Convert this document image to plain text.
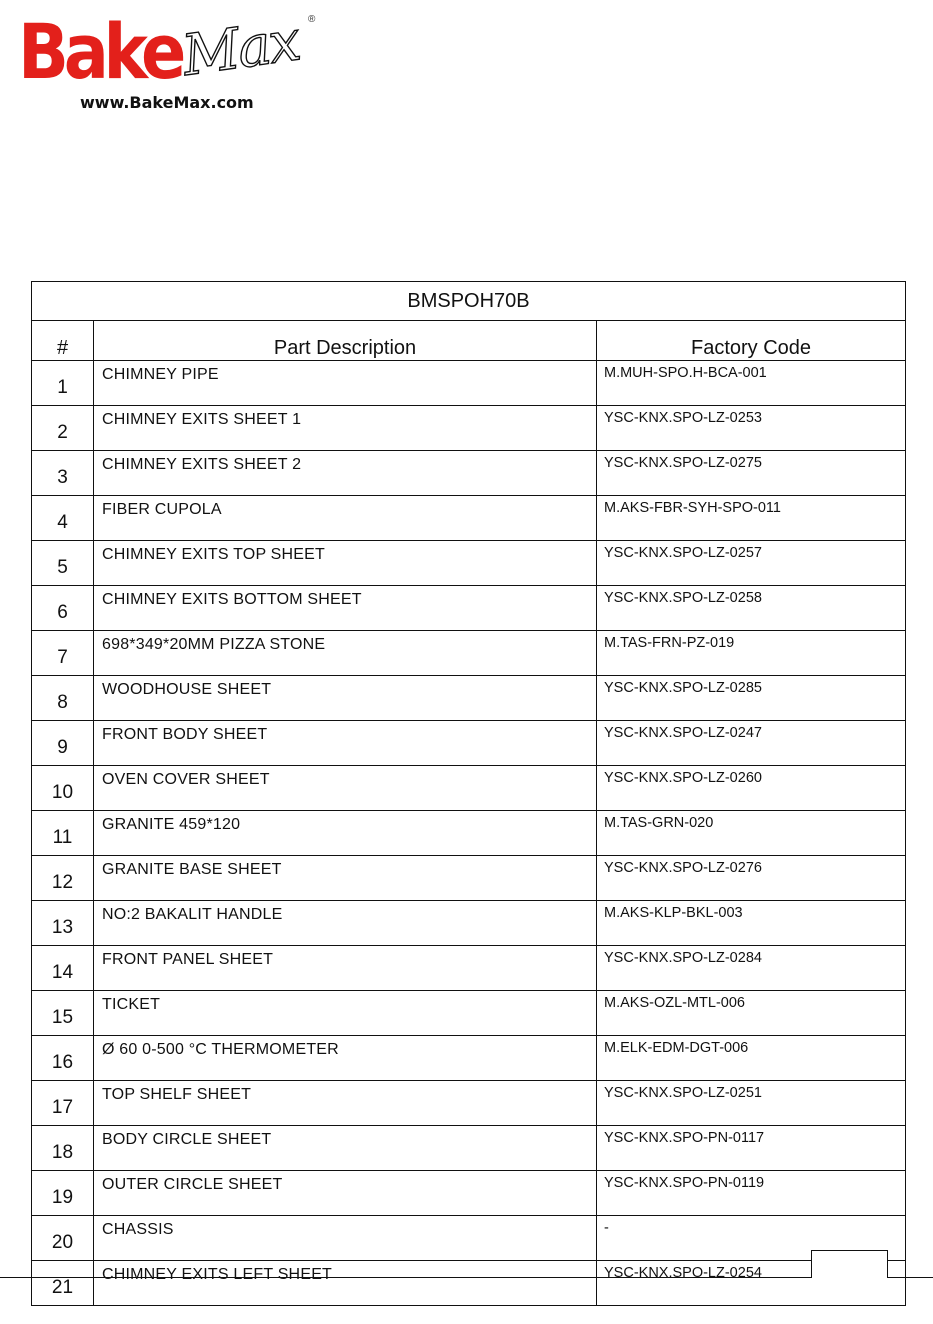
Bake
Max ®
www.BakeMax.com
BMSPOH70B		
#	Part Description	Factory Code
1	CHIMNEY PIPE	M.MUH-SPO.H-BCA-001
2	CHIMNEY EXITS SHEET 1	YSC-KNX.SPO-LZ-0253
3	CHIMNEY EXITS SHEET 2	YSC-KNX.SPO-LZ-0275
4	FIBER CUPOLA	M.AKS-FBR-SYH-SPO-011
5	CHIMNEY EXITS TOP SHEET	YSC-KNX.SPO-LZ-0257
6	CHIMNEY EXITS BOTTOM SHEET	YSC-KNX.SPO-LZ-0258
7	698*349*20MM PIZZA STONE	M.TAS-FRN-PZ-019
8	WOODHOUSE SHEET	YSC-KNX.SPO-LZ-0285
9	FRONT BODY SHEET	YSC-KNX.SPO-LZ-0247
10	OVEN COVER SHEET	YSC-KNX.SPO-LZ-0260
11	GRANITE 459*120	M.TAS-GRN-020
12	GRANITE BASE SHEET	YSC-KNX.SPO-LZ-0276
13	NO:2 BAKALIT HANDLE	M.AKS-KLP-BKL-003
14	FRONT PANEL SHEET	YSC-KNX.SPO-LZ-0284
15	TICKET	M.AKS-OZL-MTL-006
16	Ø 60 0-500 °C THERMOMETER	M.ELK-EDM-DGT-006
17	TOP SHELF SHEET	YSC-KNX.SPO-LZ-0251
18	BODY CIRCLE SHEET	YSC-KNX.SPO-PN-0117
19	OUTER CIRCLE SHEET	YSC-KNX.SPO-PN-0119
20	CHASSIS	-
21	CHIMNEY EXITS LEFT SHEET	YSC-KNX.SPO-LZ-0254
